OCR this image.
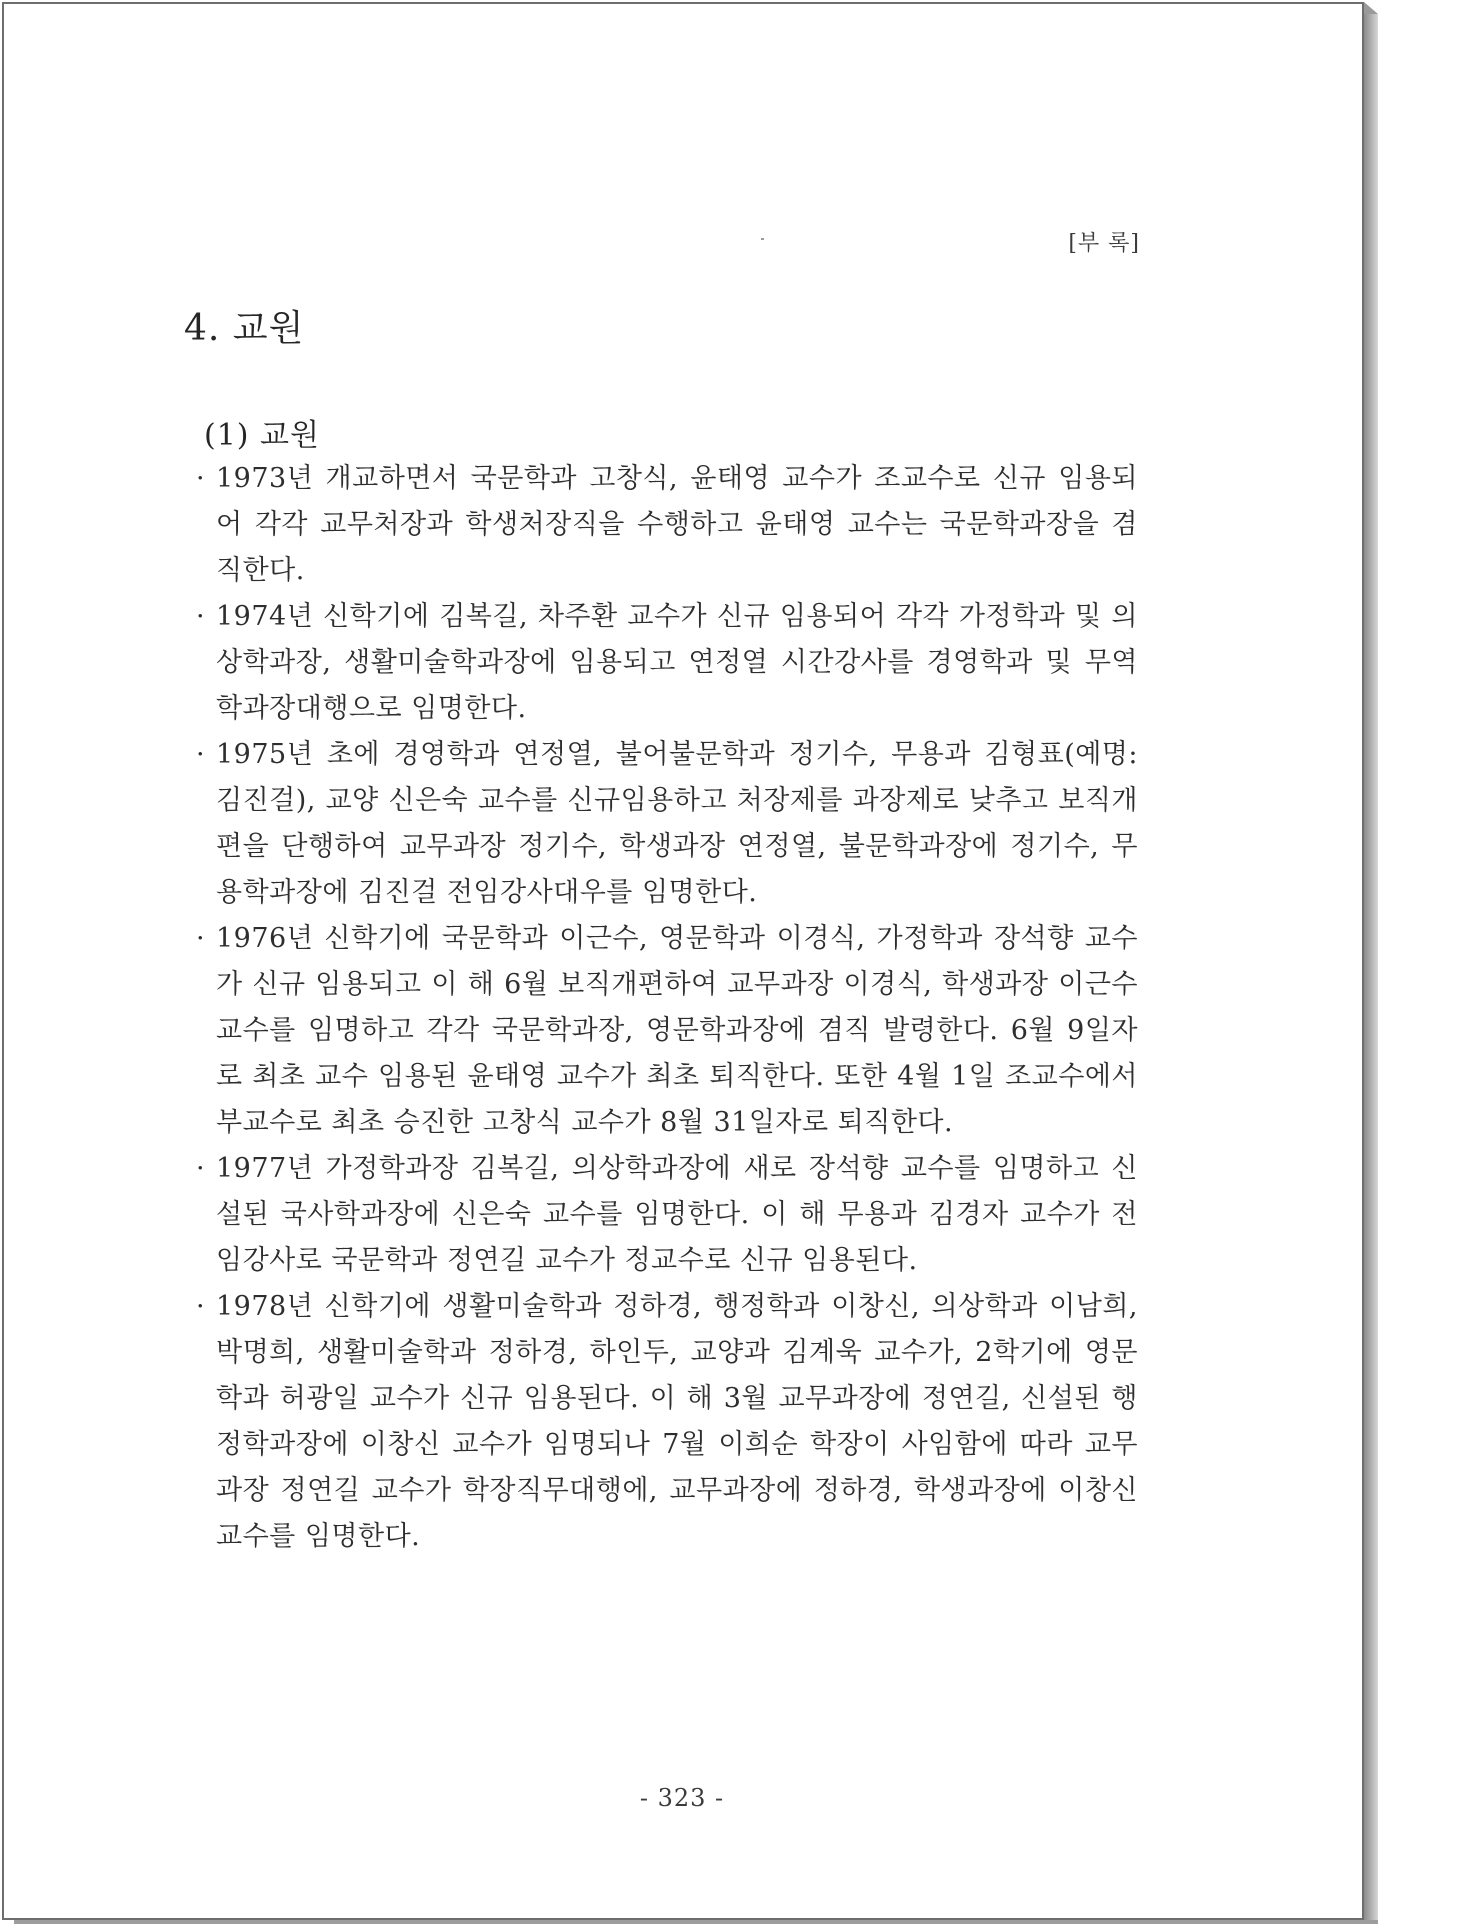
[부 록]
4. 교원
(1) 교원
· 1973년 개교하면서 국문학과 고창식, 윤태영 교수가 조교수로 신규 임용되어 각각 교무처장과 학생처장직을 수행하고 윤태영 교수는 국문학과장을 겸직한다.
· 1974년 신학기에 김복길, 차주환 교수가 신규 임용되어 각각 가정학과 및 의상학과장, 생활미술학과장에 임용되고 연정열 시간강사를 경영학과 및 무역학과장대행으로 임명한다.
· 1975년 초에 경영학과 연정열, 불어불문학과 정기수, 무용과 김형표(예명: 김진걸), 교양 신은숙 교수를 신규임용하고 처장제를 과장제로 낮추고 보직개편을 단행하여 교무과장 정기수, 학생과장 연정열, 불문학과장에 정기수, 무용학과장에 김진걸 전임강사대우를 임명한다.
· 1976년 신학기에 국문학과 이근수, 영문학과 이경식, 가정학과 장석향 교수가 신규 임용되고 이 해 6월 보직개편하여 교무과장 이경식, 학생과장 이근수 교수를 임명하고 각각 국문학과장, 영문학과장에 겸직 발령한다. 6월 9일자로 최초 교수 임용된 윤태영 교수가 최초 퇴직한다. 또한 4월 1일 조교수에서 부교수로 최초 승진한 고창식 교수가 8월 31일자로 퇴직한다.
· 1977년 가정학과장 김복길, 의상학과장에 새로 장석향 교수를 임명하고 신설된 국사학과장에 신은숙 교수를 임명한다. 이 해 무용과 김경자 교수가 전임강사로 국문학과 정연길 교수가 정교수로 신규 임용된다.
· 1978년 신학기에 생활미술학과 정하경, 행정학과 이창신, 의상학과 이남희, 박명희, 생활미술학과 정하경, 하인두, 교양과 김계욱 교수가, 2학기에 영문학과 허광일 교수가 신규 임용된다. 이 해 3월 교무과장에 정연길, 신설된 행정학과장에 이창신 교수가 임명되나 7월 이희순 학장이 사임함에 따라 교무과장 정연길 교수가 학장직무대행에, 교무과장에 정하경, 학생과장에 이창신 교수를 임명한다.
- 323 -
